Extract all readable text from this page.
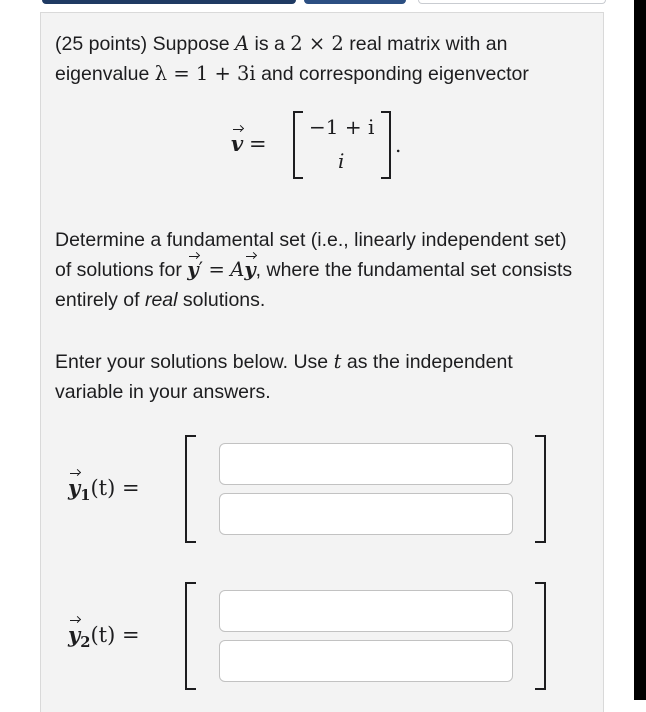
(25 points) Suppose A is a 2 × 2 real matrix with an eigenvalue λ = 1 + 3i and corresponding eigenvector
v =
−1 + i
i
.
Determine a fundamental set (i.e., linearly independent set) of solutions for y′ = Ay, where the fundamental set consists entirely of real solutions.
Enter your solutions below. Use t as the independent variable in your answers.
$y_1(t)$ =
$y_2(t)$ =
